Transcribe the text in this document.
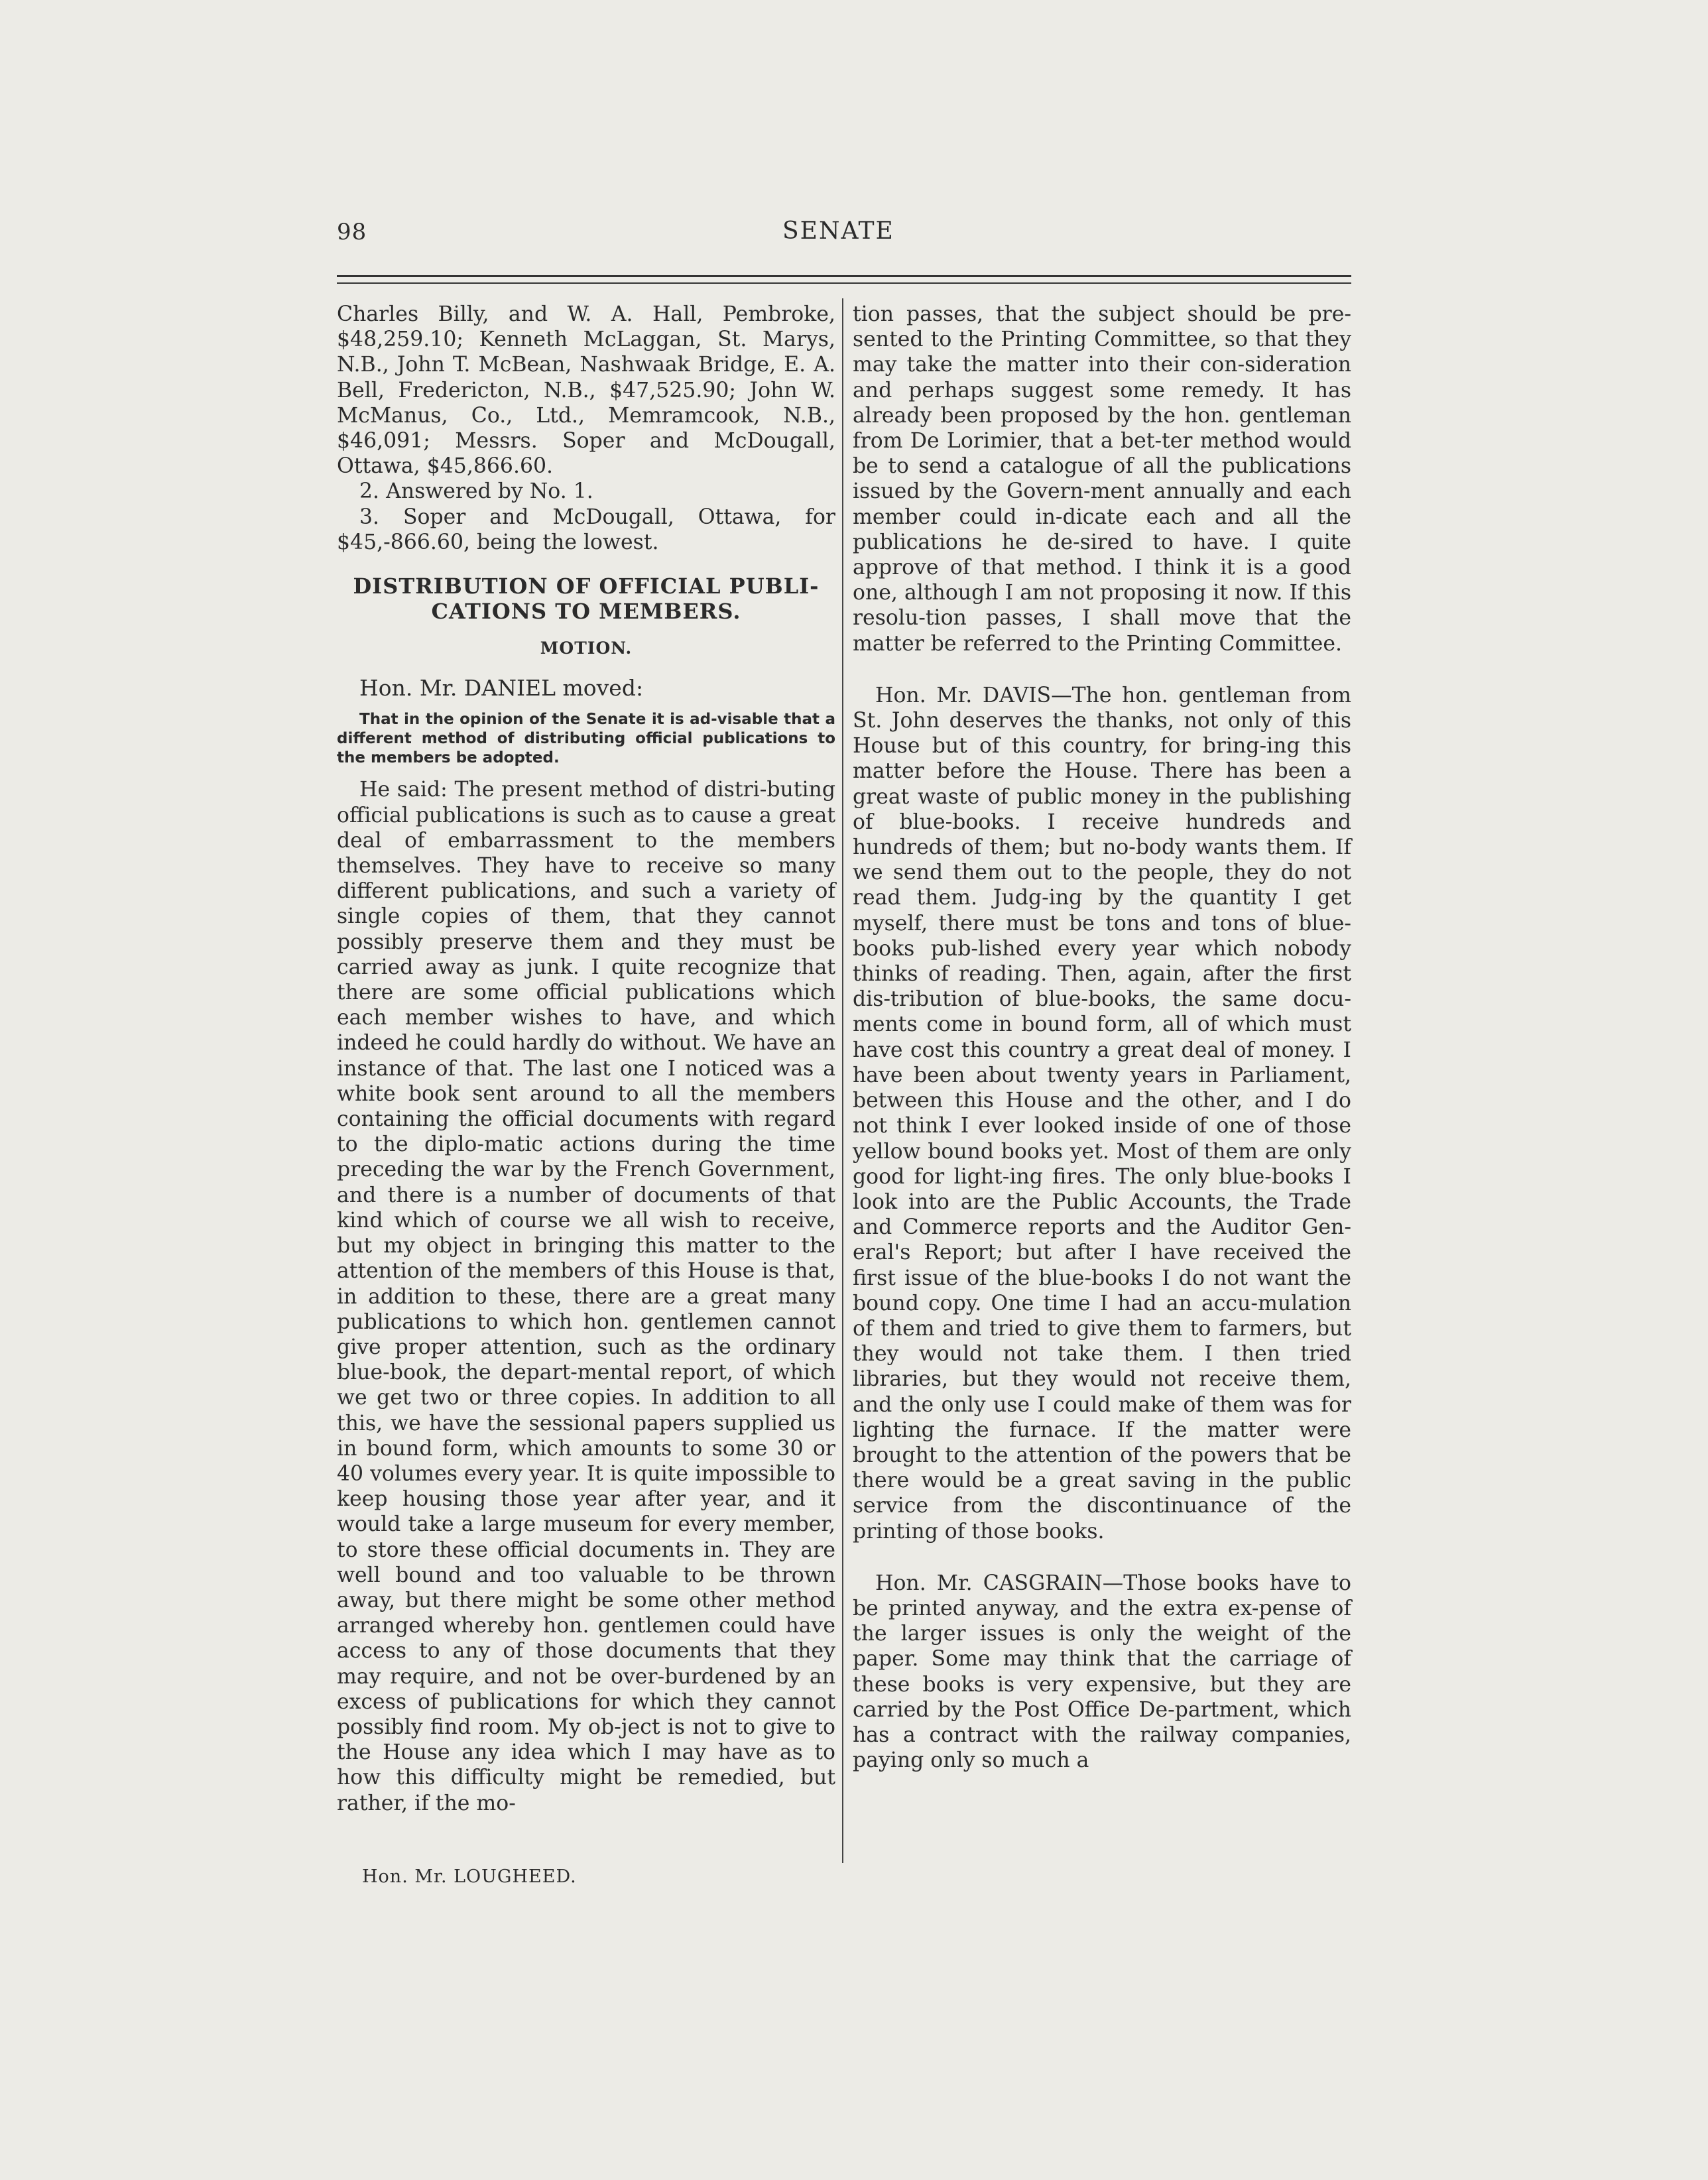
98	SENATE

Charles Billy, and W. A. Hall, Pembroke, $48,259.10; Kenneth McLaggan, St. Marys, N.B., John T. McBean, Nashwaak Bridge, E. A. Bell, Fredericton, N.B., $47,525.90; John W. McManus, Co., Ltd., Memramcook, N.B., $46,091; Messrs. Soper and McDougall, Ottawa, $45,866.60.

2. Answered by No. 1.

3. Soper and McDougall, Ottawa, for $45,-866.60, being the lowest.

DISTRIBUTION OF OFFICIAL PUBLI-CATIONS TO MEMBERS.

MOTION.

Hon. Mr. DANIEL moved:

That in the opinion of the Senate it is ad-visable that a different method of distributing official publications to the members be adopted.

He said: The present method of distri-buting official publications is such as to cause a great deal of embarrassment to the members themselves. They have to receive so many different publications, and such a variety of single copies of them, that they cannot possibly preserve them and they must be carried away as junk. I quite recognize that there are some official publications which each member wishes to have, and which indeed he could hardly do without. We have an instance of that. The last one I noticed was a white book sent around to all the members containing the official documents with regard to the diplo-matic actions during the time preceding the war by the French Government, and there is a number of documents of that kind which of course we all wish to receive, but my object in bringing this matter to the attention of the members of this House is that, in addition to these, there are a great many publications to which hon. gentlemen cannot give proper attention, such as the ordinary blue-book, the depart-mental report, of which we get two or three copies. In addition to all this, we have the sessional papers supplied us in bound form, which amounts to some 30 or 40 volumes every year. It is quite impossible to keep housing those year after year, and it would take a large museum for every member, to store these official documents in. They are well bound and too valuable to be thrown away, but there might be some other method arranged whereby hon. gentlemen could have access to any of those documents that they may require, and not be over-burdened by an excess of publications for which they cannot possibly find room. My ob-ject is not to give to the House any idea which I may have as to how this difficulty might be remedied, but rather, if the mo-

tion passes, that the subject should be pre-sented to the Printing Committee, so that they may take the matter into their con-sideration and perhaps suggest some remedy. It has already been proposed by the hon. gentleman from De Lorimier, that a bet-ter method would be to send a catalogue of all the publications issued by the Govern-ment annually and each member could in-dicate each and all the publications he de-sired to have. I quite approve of that method. I think it is a good one, although I am not proposing it now. If this resolu-tion passes, I shall move that the matter be referred to the Printing Committee.

Hon. Mr. DAVIS—The hon. gentleman from St. John deserves the thanks, not only of this House but of this country, for bring-ing this matter before the House. There has been a great waste of public money in the publishing of blue-books. I receive hundreds and hundreds of them; but no-body wants them. If we send them out to the people, they do not read them. Judg-ing by the quantity I get myself, there must be tons and tons of blue-books pub-lished every year which nobody thinks of reading. Then, again, after the first dis-tribution of blue-books, the same docu-ments come in bound form, all of which must have cost this country a great deal of money. I have been about twenty years in Parliament, between this House and the other, and I do not think I ever looked inside of one of those yellow bound books yet. Most of them are only good for light-ing fires. The only blue-books I look into are the Public Accounts, the Trade and Commerce reports and the Auditor Gen-eral's Report; but after I have received the first issue of the blue-books I do not want the bound copy. One time I had an accu-mulation of them and tried to give them to farmers, but they would not take them. I then tried libraries, but they would not receive them, and the only use I could make of them was for lighting the furnace. If the matter were brought to the attention of the powers that be there would be a great saving in the public service from the discontinuance of the printing of those books.

Hon. Mr. CASGRAIN—Those books have to be printed anyway, and the extra ex-pense of the larger issues is only the weight of the paper. Some may think that the carriage of these books is very expensive, but they are carried by the Post Office De-partment, which has a contract with the railway companies, paying only so much a

Hon. Mr. LOUGHEED.
